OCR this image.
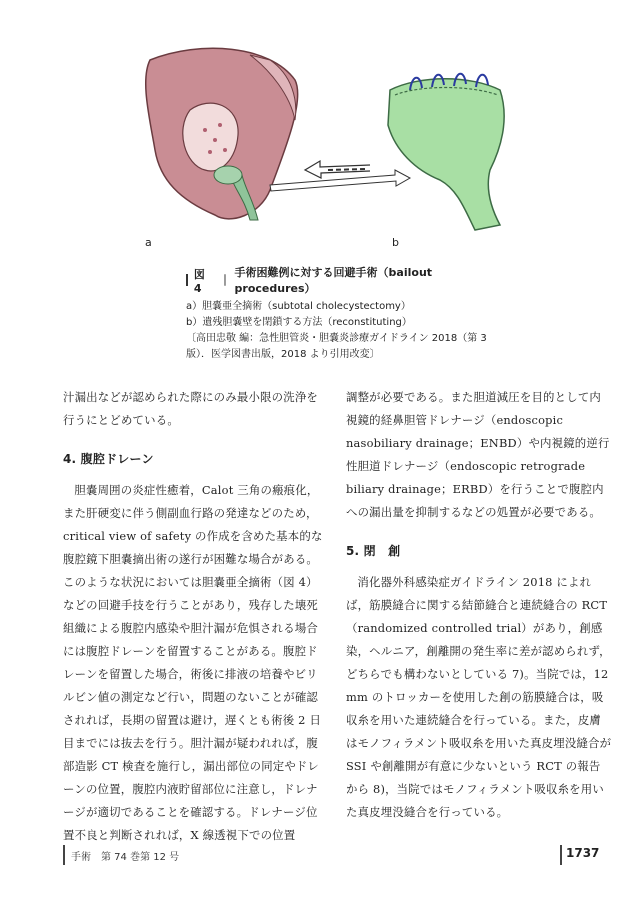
a	b
図 4
｜
手術困難例に対する回避手術（bailout procedures）
a）胆嚢亜全摘術（subtotal cholecystectomy）
b）遺残胆嚢壁を閉鎖する方法（reconstituting）
〔高田忠敬 編：急性胆管炎・胆嚢炎診療ガイドライン 2018（第 3
版）．医学図書出版，2018 より引用改変〕

汁漏出などが認められた際にのみ最小限の洗浄を行うにとどめている。

4. 腹腔ドレーン

胆嚢周囲の炎症性癒着，Calot 三角の瘢痕化，また肝硬変に伴う側副血行路の発達などのため，critical view of safety の作成を含めた基本的な腹腔鏡下胆嚢摘出術の遂行が困難な場合がある。このような状況においては胆嚢亜全摘術（図 4）などの回避手技を行うことがあり，残存した壊死組織による腹腔内感染や胆汁漏が危惧される場合には腹腔ドレーンを留置することがある。腹腔ドレーンを留置した場合，術後に排液の培養やビリルビン値の測定など行い，問題のないことが確認されれば，長期の留置は避け，遅くとも術後 2 日目までには抜去を行う。胆汁漏が疑われれば，腹部造影 CT 検査を施行し，漏出部位の同定やドレーンの位置，腹腔内液貯留部位に注意し，ドレナージが適切であることを確認する。ドレナージ位置不良と判断されれば，X 線透視下での位置

調整が必要である。また胆道減圧を目的として内視鏡的経鼻胆管ドレナージ（endoscopic nasobiliary drainage；ENBD）や内視鏡的逆行性胆道ドレナージ（endoscopic retrograde biliary drainage；ERBD）を行うことで腹腔内への漏出量を抑制するなどの処置が必要である。

5. 閉　創

消化器外科感染症ガイドライン 2018 によれば，筋膜縫合に関する結節縫合と連続縫合の RCT（randomized controlled trial）があり，創感染，ヘルニア，創離開の発生率に差が認められず，どちらでも構わないとしている 7)。当院では，12 mm のトロッカーを使用した創の筋膜縫合は，吸収糸を用いた連続縫合を行っている。また，皮膚はモノフィラメント吸収糸を用いた真皮埋没縫合が SSI や創離開が有意に少ないという RCT の報告から 8)，当院ではモノフィラメント吸収糸を用いた真皮埋没縫合を行っている。

手術　第 74 巻第 12 号	1737
